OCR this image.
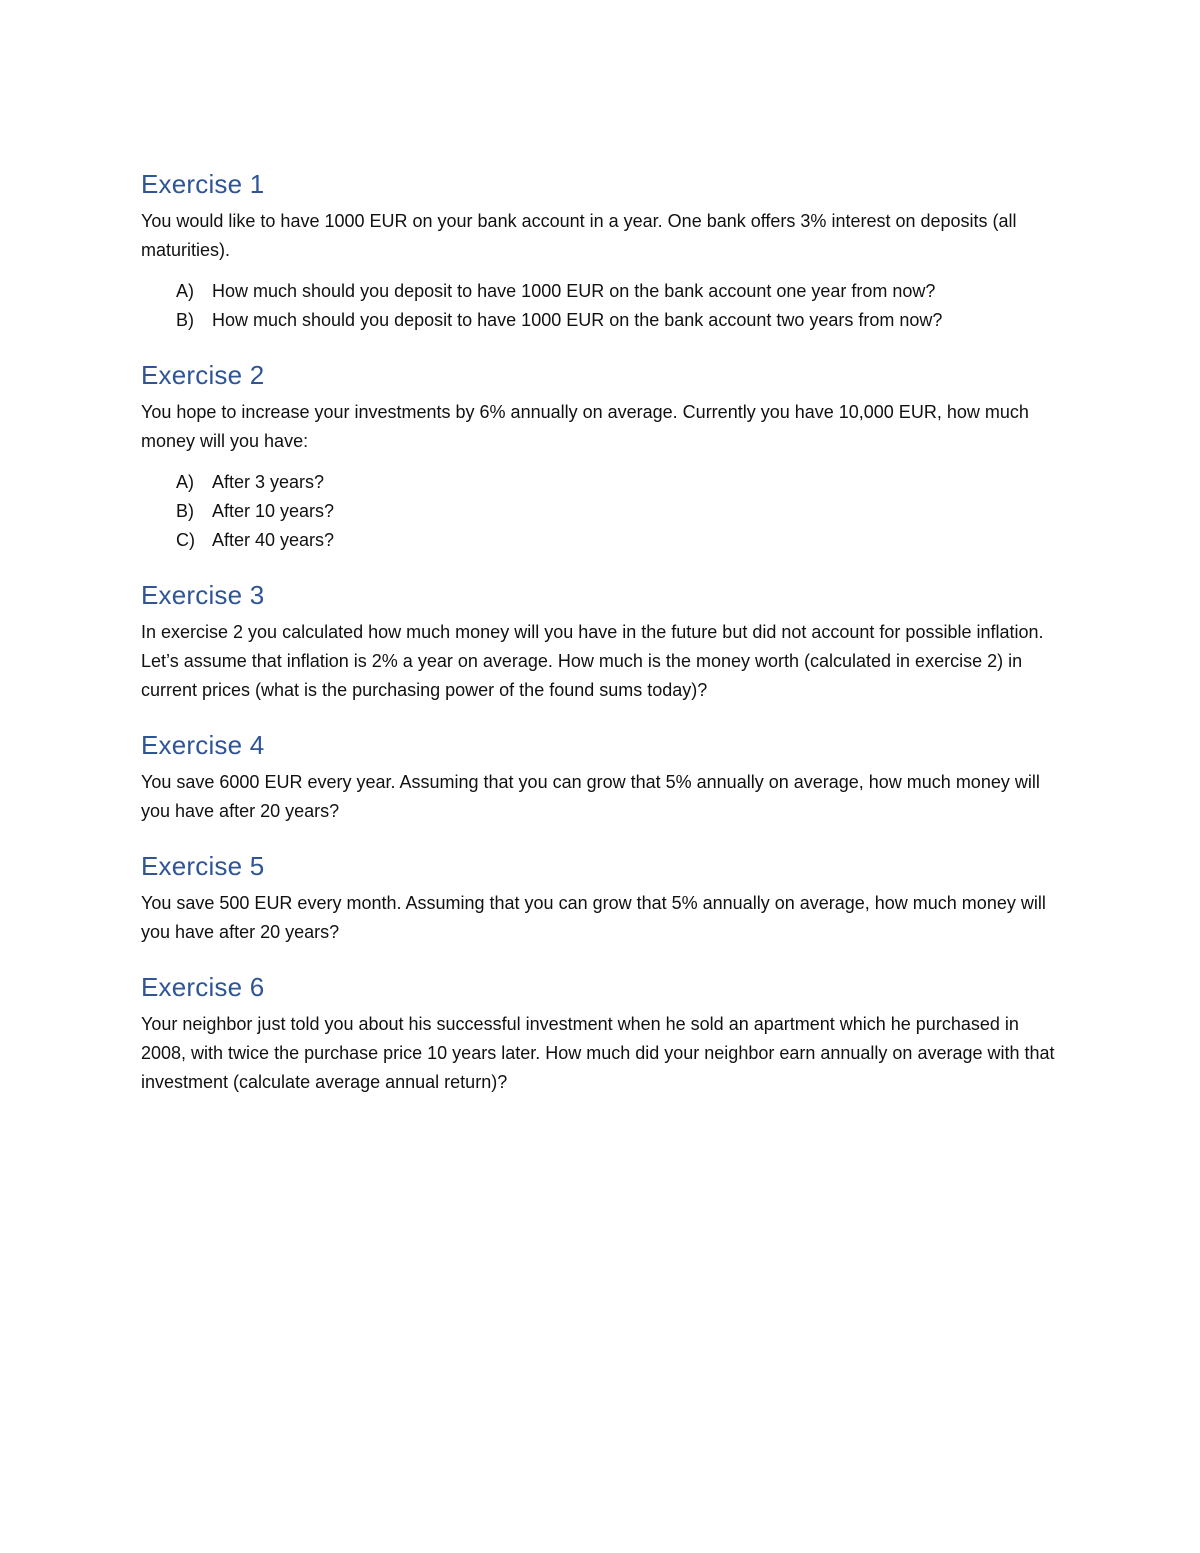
Exercise 1

You would like to have 1000 EUR on your bank account in a year. One bank offers 3% interest on deposits (all maturities).

A)	How much should you deposit to have 1000 EUR on the bank account one year from now?
B)	How much should you deposit to have 1000 EUR on the bank account two years from now?
Exercise 2

You hope to increase your investments by 6% annually on average. Currently you have 10,000 EUR, how much money will you have:

A)	After 3 years?
B)	After 10 years?
C) After 40 years?
Exercise 3

In exercise 2 you calculated how much money will you have in the future but did not account for possible inflation. Let’s assume that inflation is 2% a year on average. How much is the money worth (calculated in exercise 2) in current prices (what is the purchasing power of the found sums today)?

Exercise 4

You save 6000 EUR every year. Assuming that you can grow that 5% annually on average, how much money will you have after 20 years?

Exercise 5

You save 500 EUR every month. Assuming that you can grow that 5% annually on average, how much money will you have after 20 years?

Exercise 6

Your neighbor just told you about his successful investment when he sold an apartment which he purchased in 2008, with twice the purchase price 10 years later. How much did your neighbor earn annually on average with that investment (calculate average annual return)?
